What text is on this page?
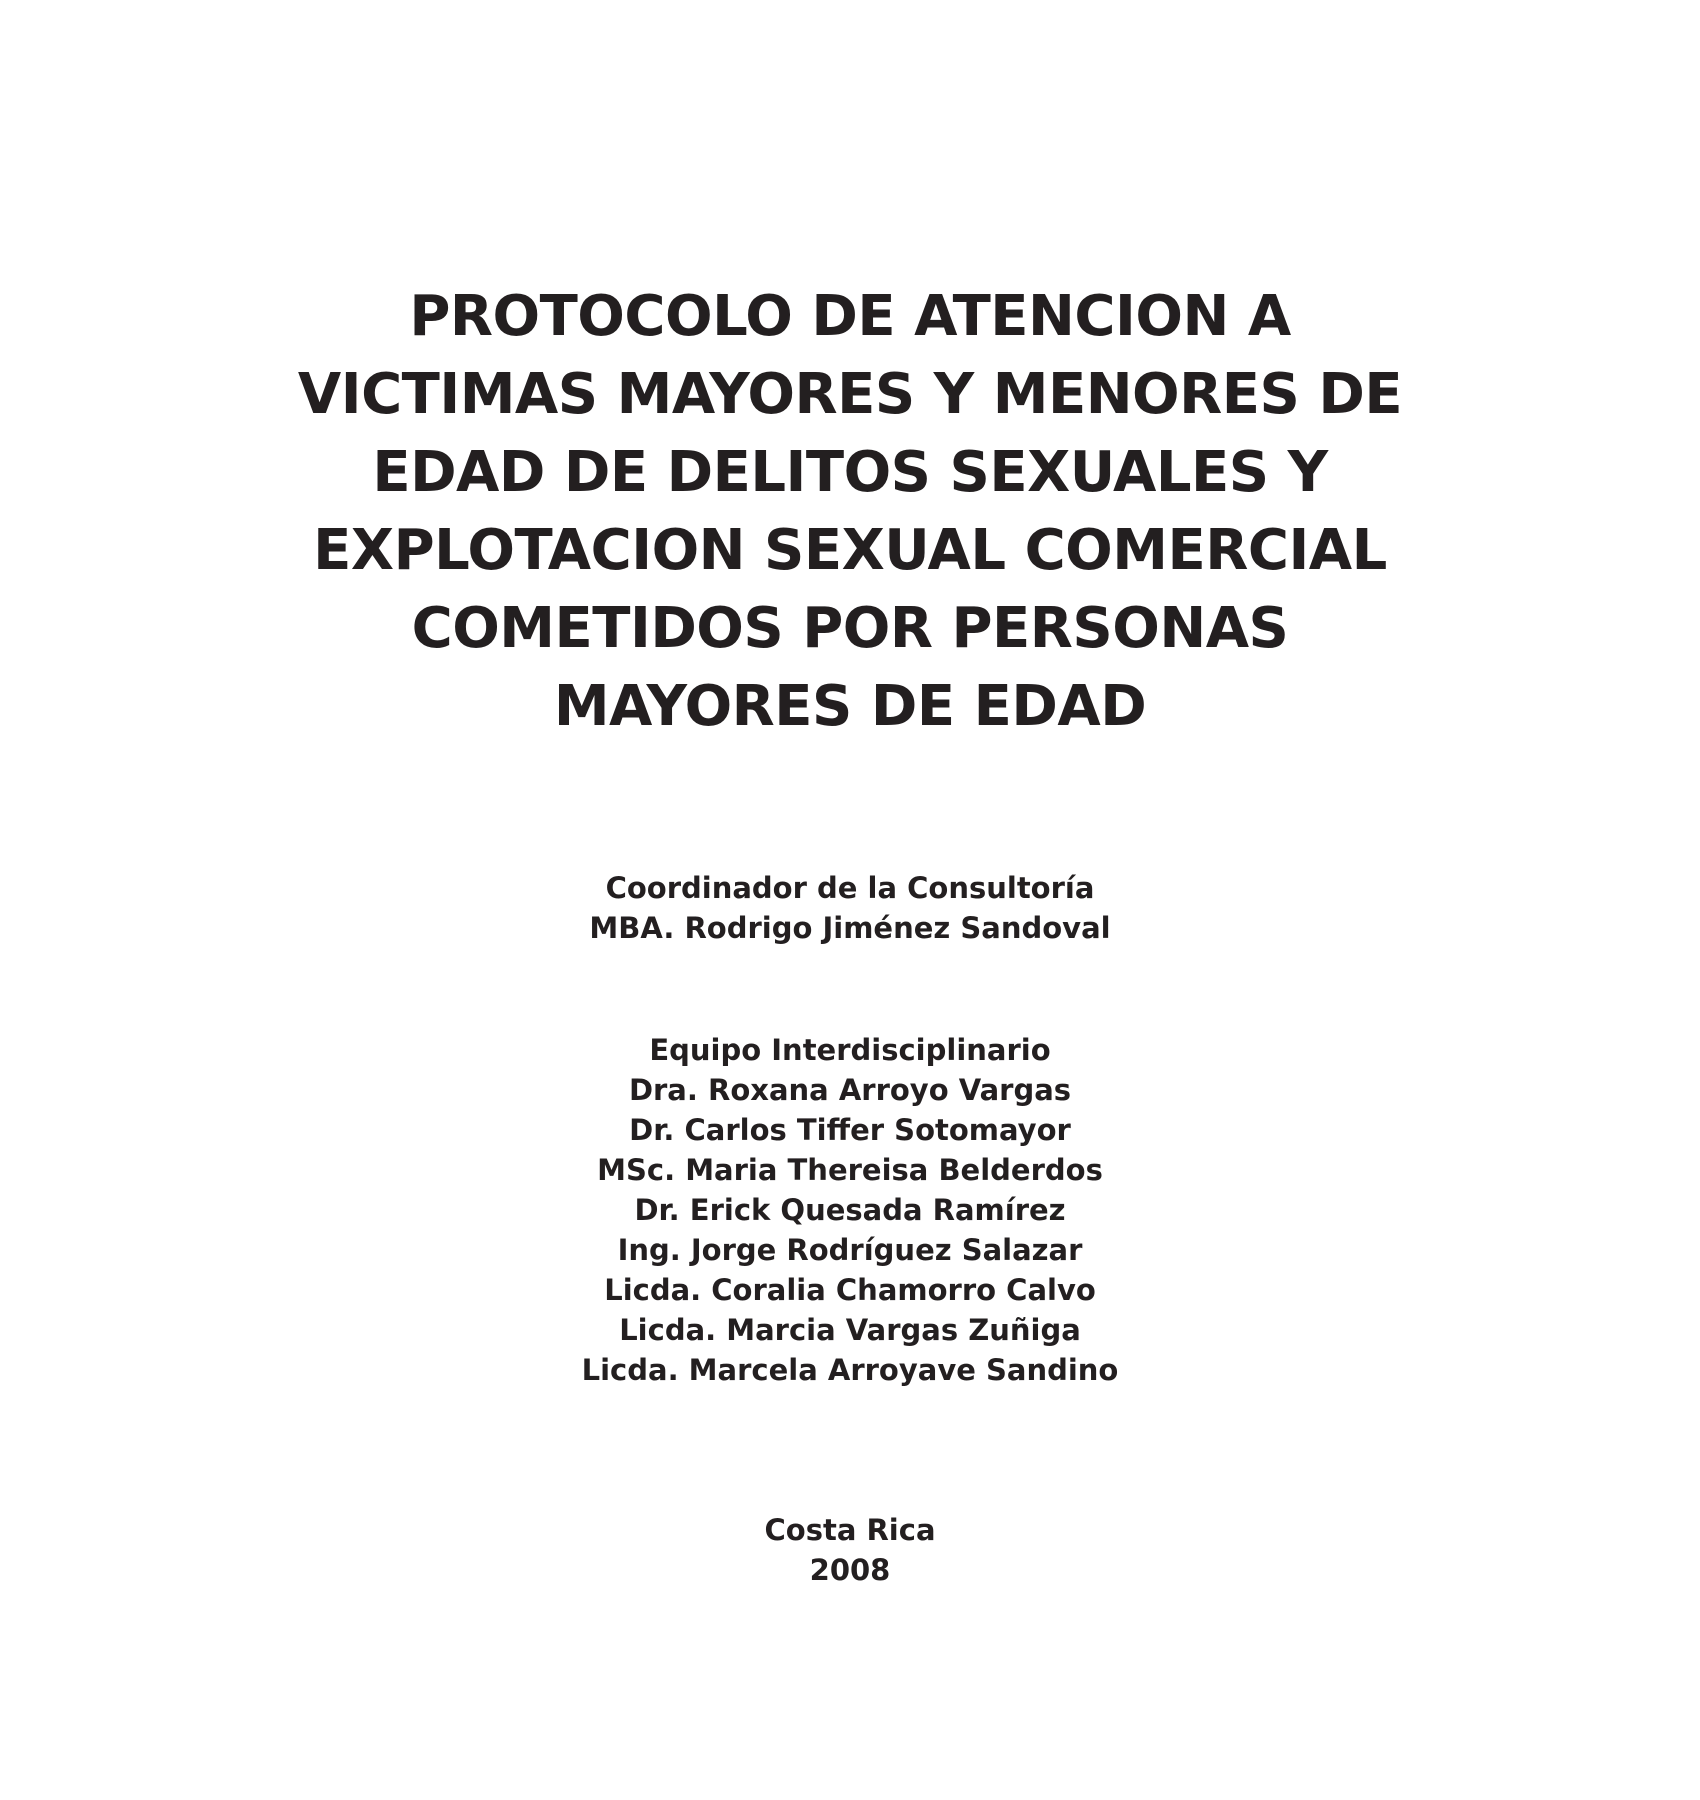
PROTOCOLO DE ATENCION A
VICTIMAS MAYORES Y MENORES DE
EDAD DE DELITOS SEXUALES Y
EXPLOTACION SEXUAL COMERCIAL
COMETIDOS POR PERSONAS
MAYORES DE EDAD
Coordinador de la Consultoría
MBA. Rodrigo Jiménez Sandoval
Equipo Interdisciplinario
Dra. Roxana Arroyo Vargas
Dr. Carlos Tiffer Sotomayor
MSc. Maria Thereisa Belderdos
Dr. Erick Quesada Ramírez
Ing. Jorge Rodríguez Salazar
Licda. Coralia Chamorro Calvo
Licda. Marcia Vargas Zuñiga
Licda. Marcela Arroyave Sandino
Costa Rica
2008
